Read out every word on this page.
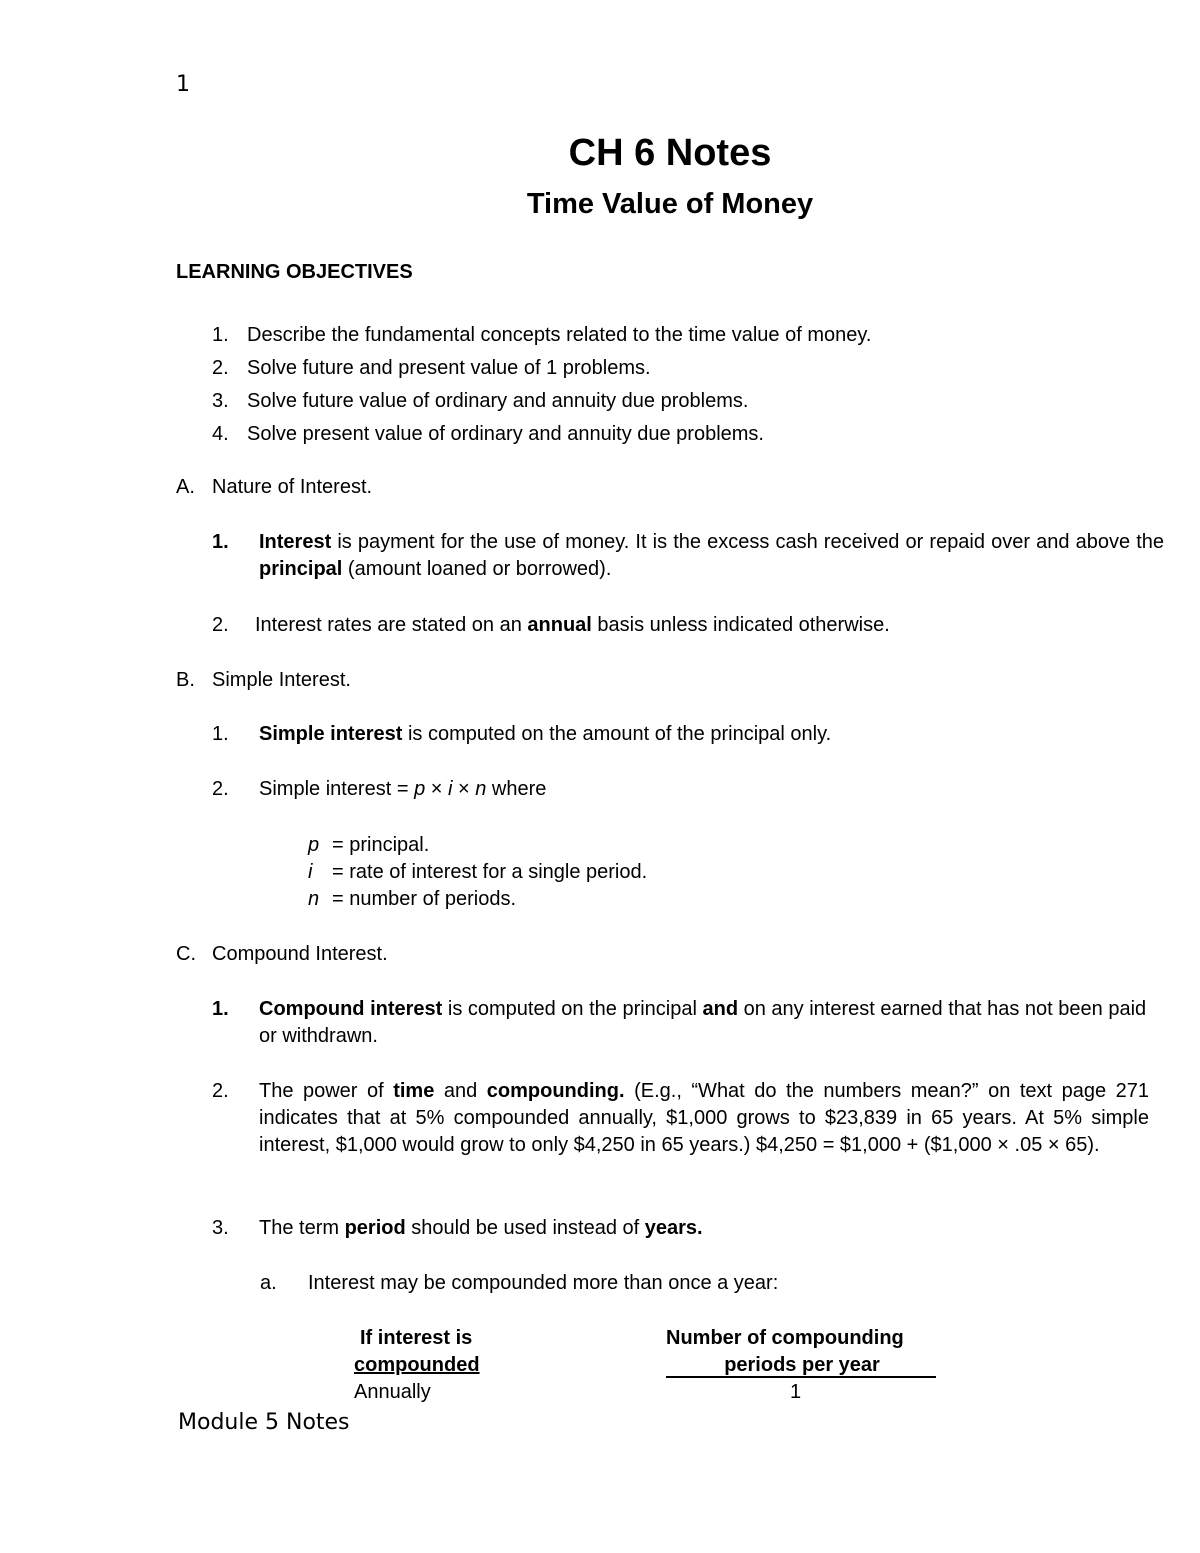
1
CH 6 Notes
Time Value of Money
LEARNING OBJECTIVES
1. Describe the fundamental concepts related to the time value of money.
2. Solve future and present value of 1 problems.
3. Solve future value of ordinary and annuity due problems.
4. Solve present value of ordinary and annuity due problems.
A. Nature of Interest.
1. Interest is payment for the use of money. It is the excess cash received or repaid over and above the principal (amount loaned or borrowed).
2. Interest rates are stated on an annual basis unless indicated otherwise.
B. Simple Interest.
1. Simple interest is computed on the amount of the principal only.
2. Simple interest = p × i × n where
p = principal.
i = rate of interest for a single period.
n = number of periods.
C. Compound Interest.
1. Compound interest is computed on the principal and on any interest earned that has not been paid or withdrawn.
2. The power of time and compounding. (E.g., “What do the numbers mean?” on text page 271 indicates that at 5% compounded annually, $1,000 grows to $23,839 in 65 years. At 5% simple interest, $1,000 would grow to only $4,250 in 65 years.) $4,250 = $1,000 + ($1,000 × .05 × 65).
3. The term period should be used instead of years.
a. Interest may be compounded more than once a year:
If interest is
compounded
Number of compounding
periods per year
Annually	1
Module 5 Notes
